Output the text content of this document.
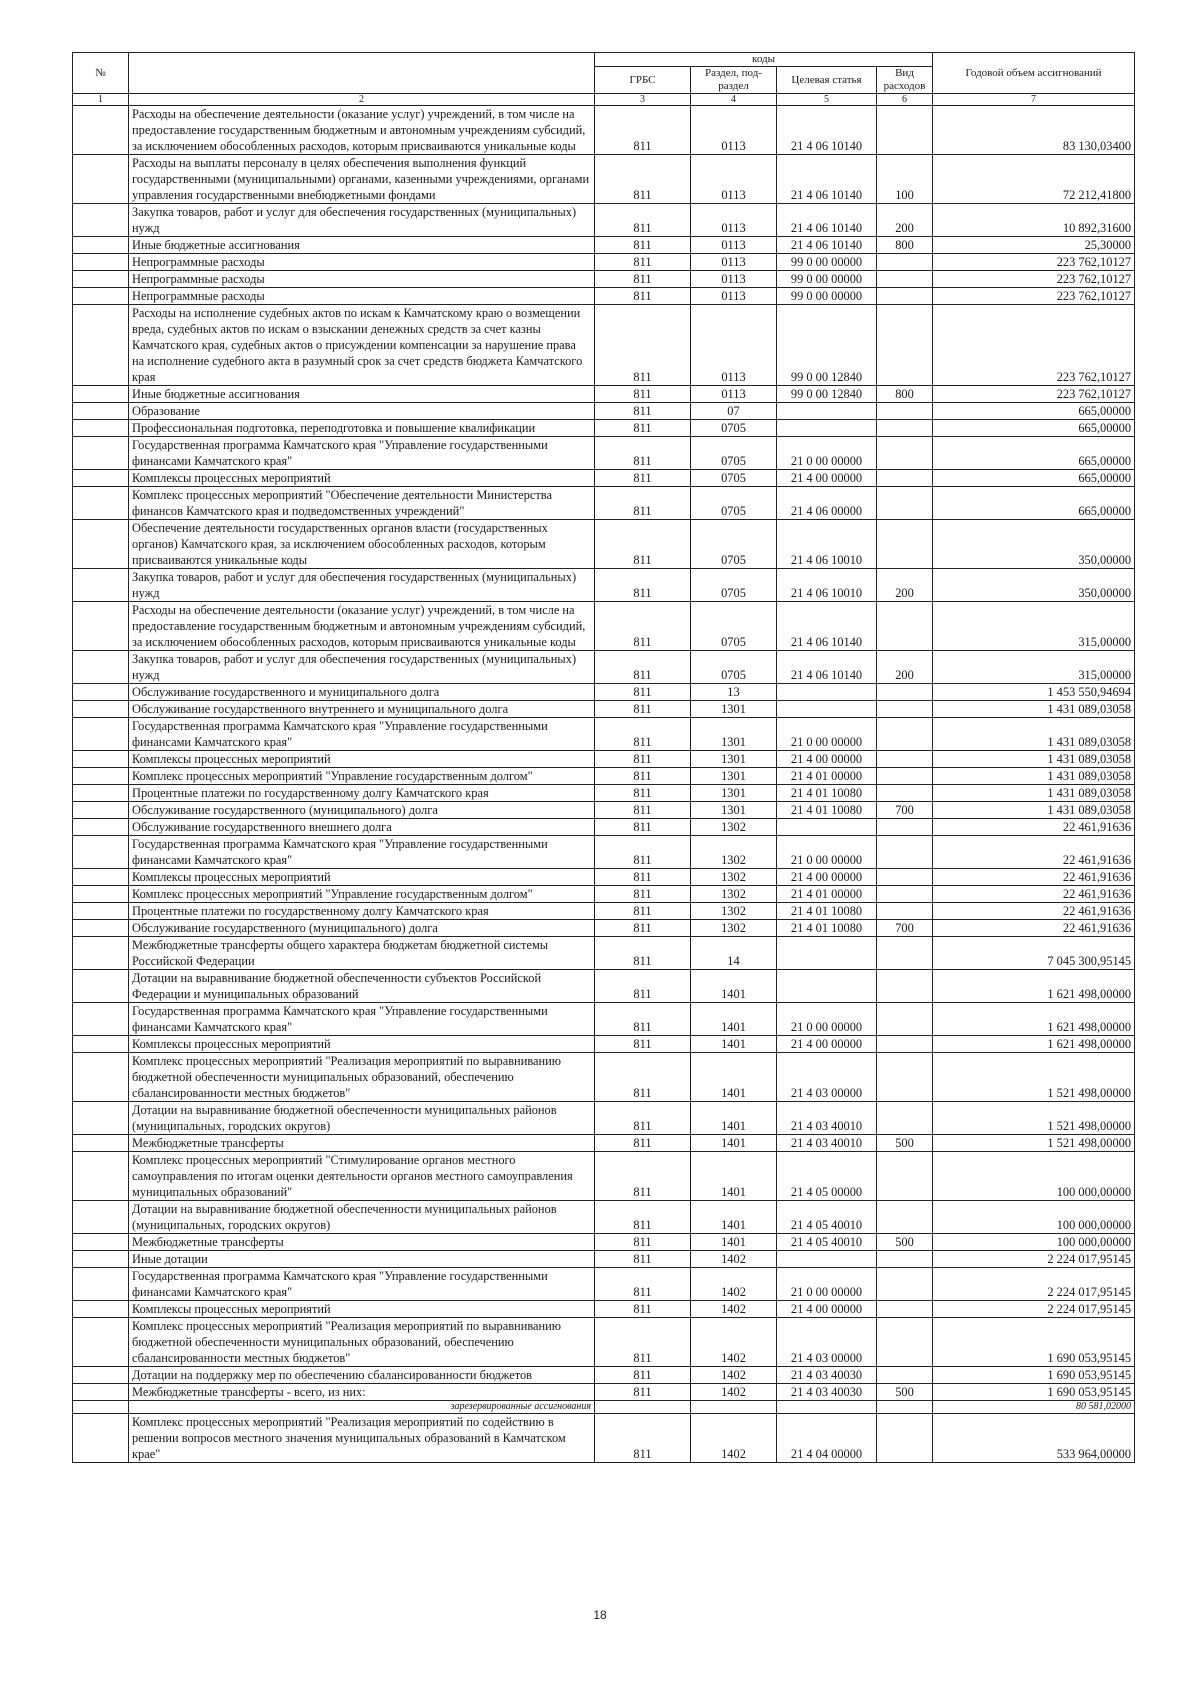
№		коды				Годовой объем ассигнований
		ГРБС	Раздел, под-раздел	Целевая статья	Вид расходов	
1	2	3	4	5	6	7
	Расходы на обеспечение деятельности (оказание услуг) учреждений, в том числе на предоставление государственным бюджетным и автономным учреждениям субсидий, за исключением обособленных расходов, которым присваиваются уникальные коды	811	0113	21 4 06 10140		83 130,03400
	Расходы на выплаты персоналу в целях обеспечения выполнения функций государственными (муниципальными) органами, казенными учреждениями, органами управления государственными внебюджетными фондами	811	0113	21 4 06 10140	100	72 212,41800
	Закупка товаров, работ и услуг для обеспечения государственных (муниципальных) нужд	811	0113	21 4 06 10140	200	10 892,31600
	Иные бюджетные ассигнования	811	0113	21 4 06 10140	800	25,30000
	Непрограммные расходы	811	0113	99 0 00 00000		223 762,10127
	Непрограммные расходы	811	0113	99 0 00 00000		223 762,10127
	Непрограммные расходы	811	0113	99 0 00 00000		223 762,10127
	Расходы на исполнение судебных актов по искам к Камчатскому краю о возмещении вреда, судебных актов по искам о взыскании денежных средств за счет казны Камчатского края, судебных актов о присуждении компенсации за нарушение права на исполнение судебного акта в разумный срок за счет средств бюджета Камчатского края	811	0113	99 0 00 12840		223 762,10127
	Иные бюджетные ассигнования	811	0113	99 0 00 12840	800	223 762,10127
	Образование	811	07			665,00000
	Профессиональная подготовка, переподготовка и повышение квалификации	811	0705			665,00000
	Государственная программа Камчатского края "Управление государственными финансами Камчатского края"	811	0705	21 0 00 00000		665,00000
	Комплексы процессных мероприятий	811	0705	21 4 00 00000		665,00000
	Комплекс процессных мероприятий "Обеспечение деятельности Министерства финансов Камчатского края и подведомственных учреждений"	811	0705	21 4 06 00000		665,00000
	Обеспечение деятельности государственных органов власти (государственных органов) Камчатского края, за исключением обособленных расходов, которым присваиваются уникальные коды	811	0705	21 4 06 10010		350,00000
	Закупка товаров, работ и услуг для обеспечения государственных (муниципальных) нужд	811	0705	21 4 06 10010	200	350,00000
	Расходы на обеспечение деятельности (оказание услуг) учреждений, в том числе на предоставление государственным бюджетным и автономным учреждениям субсидий, за исключением обособленных расходов, которым присваиваются уникальные коды	811	0705	21 4 06 10140		315,00000
	Закупка товаров, работ и услуг для обеспечения государственных (муниципальных) нужд	811	0705	21 4 06 10140	200	315,00000
	Обслуживание государственного и муниципального долга	811	13			1 453 550,94694
	Обслуживание государственного внутреннего и муниципального долга	811	1301			1 431 089,03058
	Государственная программа Камчатского края "Управление государственными финансами Камчатского края"	811	1301	21 0 00 00000		1 431 089,03058
	Комплексы процессных мероприятий	811	1301	21 4 00 00000		1 431 089,03058
	Комплекс процессных мероприятий "Управление государственным долгом"	811	1301	21 4 01 00000		1 431 089,03058
	Процентные платежи по государственному долгу Камчатского края	811	1301	21 4 01 10080		1 431 089,03058
	Обслуживание государственного (муниципального) долга	811	1301	21 4 01 10080	700	1 431 089,03058
	Обслуживание государственного внешнего долга	811	1302			22 461,91636
	Государственная программа Камчатского края "Управление государственными финансами Камчатского края"	811	1302	21 0 00 00000		22 461,91636
	Комплексы процессных мероприятий	811	1302	21 4 00 00000		22 461,91636
	Комплекс процессных мероприятий "Управление государственным долгом"	811	1302	21 4 01 00000		22 461,91636
	Процентные платежи по государственному долгу Камчатского края	811	1302	21 4 01 10080		22 461,91636
	Обслуживание государственного (муниципального) долга	811	1302	21 4 01 10080	700	22 461,91636
	Межбюджетные трансферты общего характера бюджетам бюджетной системы Российской Федерации	811	14			7 045 300,95145
	Дотации на выравнивание бюджетной обеспеченности субъектов Российской Федерации и муниципальных образований	811	1401			1 621 498,00000
	Государственная программа Камчатского края "Управление государственными финансами Камчатского края"	811	1401	21 0 00 00000		1 621 498,00000
	Комплексы процессных мероприятий	811	1401	21 4 00 00000		1 621 498,00000
	Комплекс процессных мероприятий "Реализация мероприятий по выравниванию бюджетной обеспеченности муниципальных образований, обеспечению сбалансированности местных бюджетов"	811	1401	21 4 03 00000		1 521 498,00000
	Дотации на выравнивание бюджетной обеспеченности муниципальных районов (муниципальных, городских округов)	811	1401	21 4 03 40010		1 521 498,00000
	Межбюджетные трансферты	811	1401	21 4 03 40010	500	1 521 498,00000
	Комплекс процессных мероприятий "Стимулирование органов местного самоуправления по итогам оценки деятельности органов местного самоуправления муниципальных образований"	811	1401	21 4 05 00000		100 000,00000
	Дотации на выравнивание бюджетной обеспеченности муниципальных районов (муниципальных, городских округов)	811	1401	21 4 05 40010		100 000,00000
	Межбюджетные трансферты	811	1401	21 4 05 40010	500	100 000,00000
	Иные дотации	811	1402			2 224 017,95145
	Государственная программа Камчатского края "Управление государственными финансами Камчатского края"	811	1402	21 0 00 00000		2 224 017,95145
	Комплексы процессных мероприятий	811	1402	21 4 00 00000		2 224 017,95145
	Комплекс процессных мероприятий "Реализация мероприятий по выравниванию бюджетной обеспеченности муниципальных образований, обеспечению сбалансированности местных бюджетов"	811	1402	21 4 03 00000		1 690 053,95145
	Дотации на поддержку мер по обеспечению сбалансированности бюджетов	811	1402	21 4 03 40030		1 690 053,95145
	Межбюджетные трансферты - всего, из них:	811	1402	21 4 03 40030	500	1 690 053,95145
	зарезервированные ассигнования					80 581,02000
	Комплекс процессных мероприятий "Реализация мероприятий по содействию в решении вопросов местного значения муниципальных образований в Камчатском крае"	811	1402	21 4 04 00000		533 964,00000
18
